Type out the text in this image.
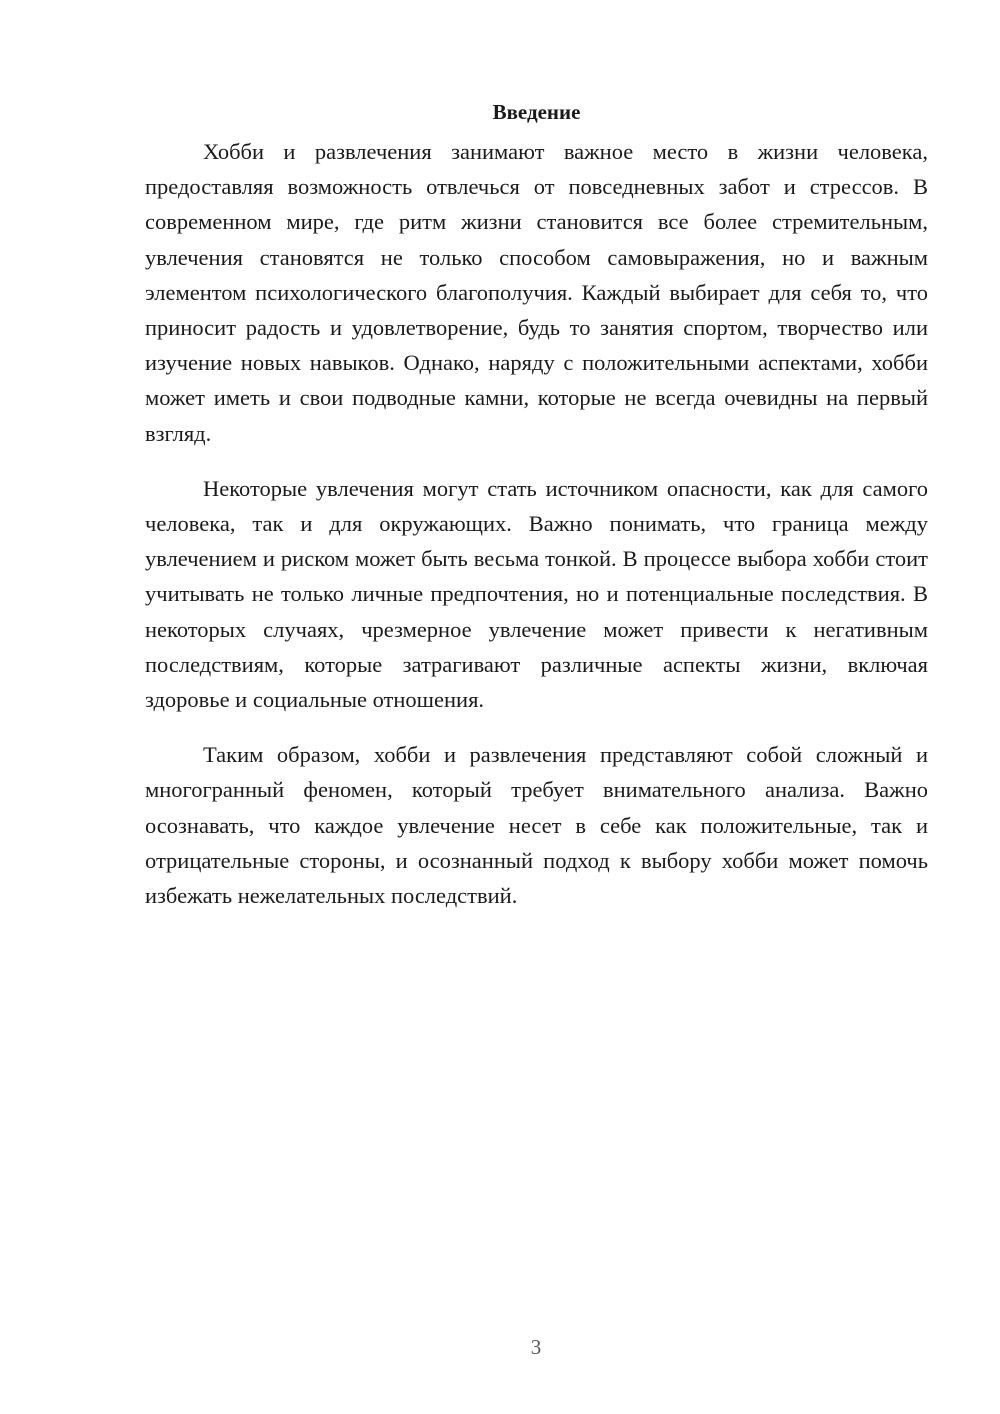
Введение

Хобби и развлечения занимают важное место в жизни человека, предоставляя возможность отвлечься от повседневных забот и стрессов. В современном мире, где ритм жизни становится все более стремительным, увлечения становятся не только способом самовыражения, но и важным элементом психологического благополучия. Каждый выбирает для себя то, что приносит радость и удовлетворение, будь то занятия спортом, творчество или изучение новых навыков. Однако, наряду с положительными аспектами, хобби может иметь и свои подводные камни, которые не всегда очевидны на первый взгляд.

Некоторые увлечения могут стать источником опасности, как для самого человека, так и для окружающих. Важно понимать, что граница между увлечением и риском может быть весьма тонкой. В процессе выбора хобби стоит учитывать не только личные предпочтения, но и потенциальные последствия. В некоторых случаях, чрезмерное увлечение может привести к негативным последствиям, которые затрагивают различные аспекты жизни, включая здоровье и социальные отношения.

Таким образом, хобби и развлечения представляют собой сложный и многогранный феномен, который требует внимательного анализа. Важно осознавать, что каждое увлечение несет в себе как положительные, так и отрицательные стороны, и осознанный подход к выбору хобби может помочь избежать нежелательных последствий.

3
